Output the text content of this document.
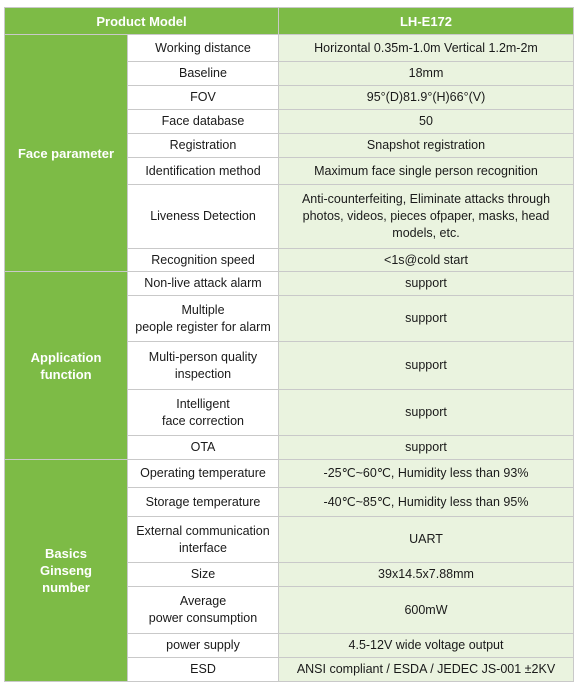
Product Model		LH-E172
Face parameter	Working distance	Horizontal 0.35m-1.0m Vertical 1.2m-2m
	Baseline	18mm
	FOV	95°(D)81.9°(H)66°(V)
	Face database	50
	Registration	Snapshot registration
	Identification method	Maximum face single person recognition
	Liveness Detection	Anti-counterfeiting, Eliminate attacks through
photos, videos, pieces ofpaper, masks, head
models, etc.
	Recognition speed	<1s@cold start
Application
function	Non-live attack alarm	support
	Multiple
people register for alarm	support
	Multi-person quality
inspection	support
	Intelligent
face correction	support
	OTA	support
Basics
Ginseng
number	Operating temperature	-25℃~60℃, Humidity less than 93%
	Storage temperature	-40℃~85℃, Humidity less than 95%
	External communication
interface	UART
	Size	39x14.5x7.88mm
	Average
power consumption	600mW
	power supply	4.5-12V wide voltage output
	ESD	ANSI compliant / ESDA / JEDEC JS-001 ±2KV
